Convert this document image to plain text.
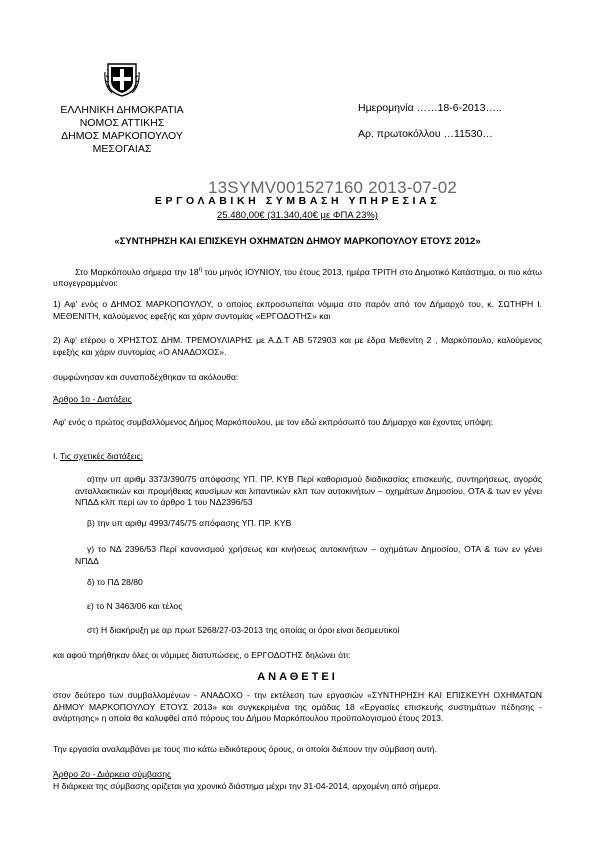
ΕΛΛΗΝΙΚΗ ΔΗΜΟΚΡΑΤΙΑ
ΝΟΜΟΣ ΑΤΤΙΚΗΣ
ΔΗΜΟΣ ΜΑΡΚΟΠΟΥΛΟΥ
ΜΕΣΟΓΑΙΑΣ
Ημερομηνία ……18-6-2013…..
Αρ. πρωτοκόλλου …11530…
13SYMV001527160 2013-07-02
ΕΡΓΟΛΑΒΙΚΗ ΣΥΜΒΑΣΗ ΥΠΗΡΕΣΙΑΣ
25.480,00€ (31.340,40€ με ΦΠΑ 23%)
«ΣΥΝΤΗΡΗΣΗ ΚΑΙ ΕΠΙΣΚΕΥΗ ΟΧΗΜΑΤΩΝ ΔΗΜΟΥ ΜΑΡΚΟΠΟΥΛΟΥ ΕΤΟΥΣ 2012»
Στο Μαρκόπουλο σήμερα την $18^\eta$ του μηνός ΙΟΥΝΙΟΥ, του έτους 2013, ημέρα ΤΡΙΤΗ στο Δημοτικό Κατάστημα, οι πιο κάτω υπογεγραμμένοι:
1) Αφ' ενός ο ΔΗΜΟΣ ΜΑΡΚΟΠΟΥΛΟΥ, ο οποίος εκπροσωπείται νόμιμα στο παρόν από τον Δήμαρχό του, κ. ΣΩΤΗΡΗ Ι. ΜΕΘΕΝΙΤΗ, καλούμενος εφεξής και χάριν συντομίας «ΕΡΓΟΔΟΤΗΣ» και
2) Αφ' ετέρου ο ΧΡΗΣΤΟΣ ΔΗΜ. ΤΡΕΜΟΥΛΙΑΡΗΣ με Α.Δ.Τ ΑΒ 572903 και με έδρα Μεθενίτη 2 , Μαρκόπουλο, καλούμενος εφεξής και χάριν συντομίας «Ο ΑΝΑΔΟΧΟΣ».
συμφώνησαν και συναποδέχθηκαν τα ακόλουθα:
Άρθρο 1ο - Διατάξεις
Αφ' ενός ο πρώτος συμβαλλόμενος Δήμος Μαρκόπουλου, με τον εδώ εκπρόσωπό του Δήμαρχο και έχοντας υπόψη:
Ι. Τις σχετικές διατάξεις:
α)την υπ αριθμ 3373/390/75 απόφασης ΥΠ. ΠΡ. ΚΥΒ Περί καθορισμού διαδικασίας επισκευής, συντηρήσεως, αγοράς ανταλλακτικών και προμήθειας καυσίμων και λιπαντικών κλπ των αυτοκινήτων – οχημάτων Δημοσίου, ΟΤΑ & των εν γένει ΝΠΔΔ κλπ περί ων το άρθρο 1 του ΝΔ2396/53
β) την υπ αριθμ 4993/745/75 απόφασης ΥΠ. ΠΡ. ΚΥΒ
γ) το ΝΔ 2396/53 Περί κανονισμού χρήσεως και κινήσεως αυτοκινήτων – οχημάτων Δημοσίου, ΟΤΑ & των εν γένει ΝΠΔΔ
δ) το ΠΔ 28/80
ε) το Ν 3463/06 και τέλος
στ) Η διακήρυξη με αρ πρωτ 5268/27-03-2013 της οποίας οι όροι είναι δεσμευτικοί
και αφού τηρήθηκαν όλες οι νόμιμες διατυπώσεις, ο ΕΡΓΟΔΟΤΗΣ δηλώνει ότι:
ΑΝΑΘΕΤΕΙ
στον δεύτερο των συμβαλλομένων - ΑΝΑΔΟΧΟ - την εκτέλεση των εργασιών «ΣΥΝΤΗΡΗΣΗ ΚΑΙ ΕΠΙΣΚΕΥΗ ΟΧΗΜΑΤΩΝ ΔΗΜΟΥ ΜΑΡΚΟΠΟΥΛΟΥ ΕΤΟΥΣ 2013» και συγκεκριμένα της ομάδας 18 «Εργασίες επισκευής συστημάτων πέδησης - ανάρτησης» η οποία θα καλυφθεί από πόρους του Δήμου Μαρκόπουλου προϋπολογισμού έτους 2013.
Την εργασία αναλαμβάνει με τους πιο κάτω ειδικότερους όρους, οι οποίοι διέπουν την σύμβαση αυτή.
Άρθρο 2ο - Διάρκεια σύμβασης
Η διάρκεια της σύμβασης ορίζεται για χρονικό διάστημα μέχρι την 31-04-2014, αρχομένη από σήμερα.
